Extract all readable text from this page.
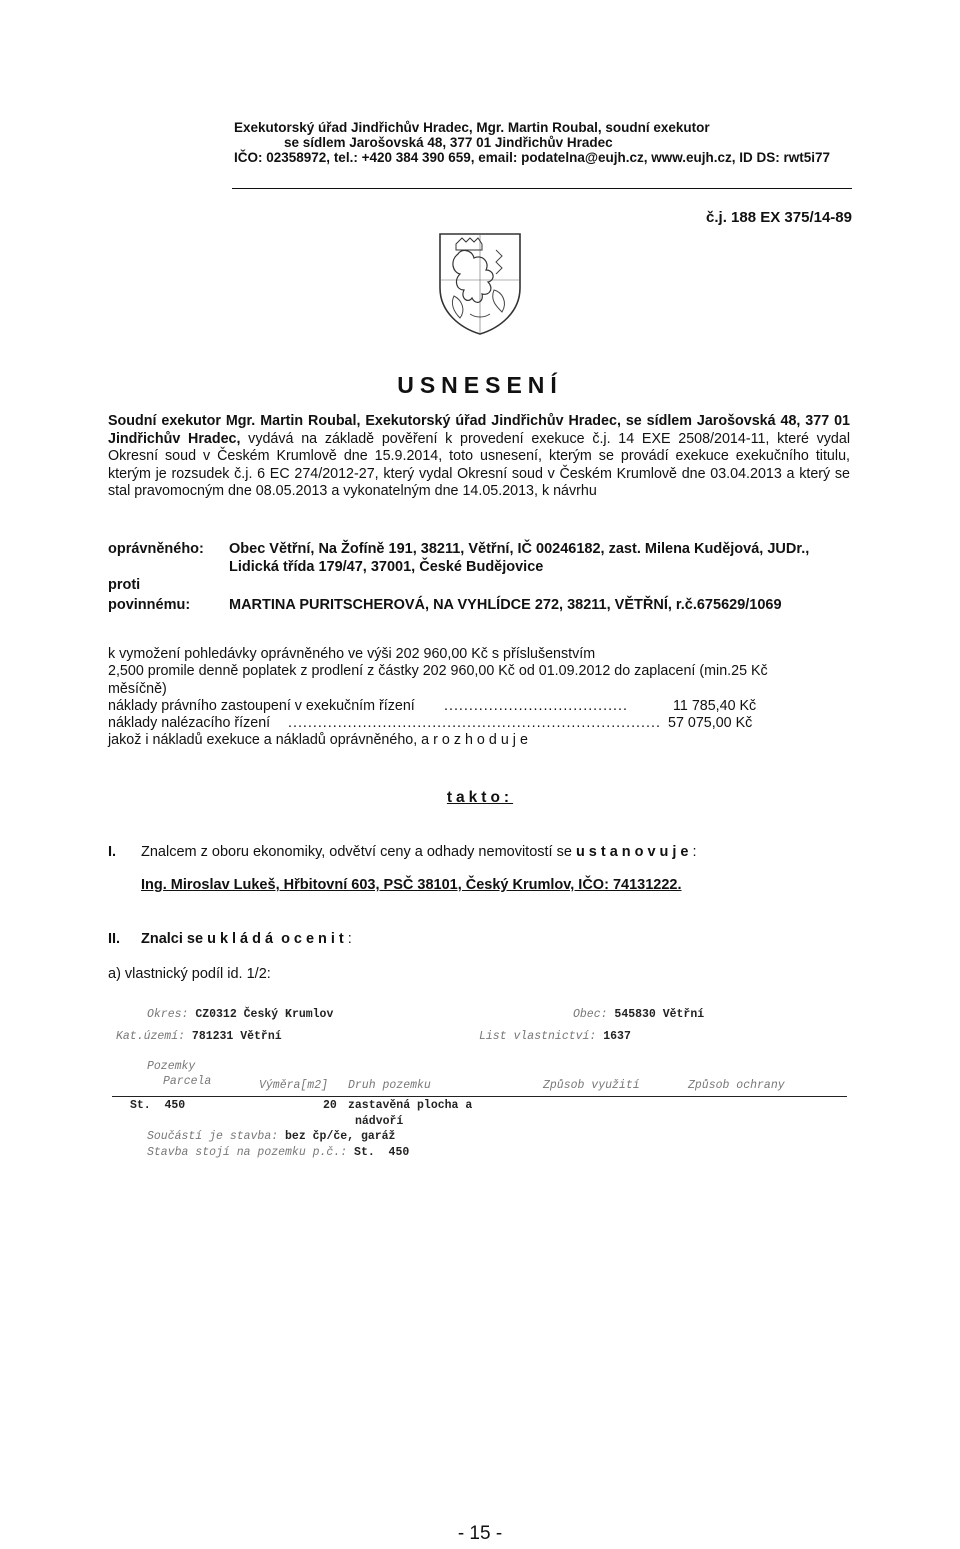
Exekutorský úřad Jindřichův Hradec, Mgr. Martin Roubal, soudní exekutor
se sídlem Jarošovská 48, 377 01 Jindřichův Hradec
IČO: 02358972, tel.: +420 384 390 659, email: podatelna@eujh.cz, www.eujh.cz, ID DS: rwt5i77
č.j. 188 EX 375/14-89
USNESENÍ
Soudní exekutor Mgr. Martin Roubal, Exekutorský úřad Jindřichův Hradec, se sídlem Jarošovská 48, 377 01 Jindřichův Hradec, vydává na základě pověření k provedení exekuce č.j. 14 EXE 2508/2014-11, které vydal Okresní soud v Českém Krumlově dne 15.9.2014, toto usnesení, kterým se provádí exekuce exekučního titulu, kterým je rozsudek č.j. 6 EC 274/2012-27, který vydal Okresní soud v Českém Krumlově dne 03.04.2013 a který se stal pravomocným dne 08.05.2013 a vykonatelným dne 14.05.2013, k návrhu
oprávněného: Obec Větřní, Na Žofíně 191, 38211, Větřní, IČ 00246182, zast. Milena Kudějová, JUDr.,
Lidická třída 179/47, 37001, České Budějovice
proti
povinnému:	MARTINA PURITSCHEROVÁ, NA VYHLÍDCE 272, 38211, VĚTŘNÍ, r.č.675629/1069
k vymožení pohledávky oprávněného ve výši 202 960,00 Kč s příslušenstvím
2,500 promile denně poplatek z prodlení z částky 202 960,00 Kč od 01.09.2012 do zaplacení (min.25 Kč
měsíčně)
náklady právního zastoupení v exekučním řízení .....................................	11 785,40 Kč
náklady nalézacího řízení ........................................................................... 57 075,00 Kč
jakož i nákladů exekuce a nákladů oprávněného, a rozhoduje
takto:
I. Znalcem z oboru ekonomiky, odvětví ceny a odhady nemovitostí se ustanovuje:
Ing. Miroslav Lukeš, Hřbitovní 603, PSČ 38101, Český Krumlov, IČO: 74131222.
II. Znalci se ukládá ocenit:
a) vlastnický podíl id. 1/2:
Okres: CZ0312 Český Krumlov	Obec: 545830 Větřní
Kat.území: 781231 Větřní	List vlastnictví: 1637
Pozemky
Parcela	Výměra[m2] Druh pozemku	Způsob využití	Způsob ochrany
St.  450	20 zastavěná plocha a
nádvoří
Součástí je stavba: bez čp/če, garáž
Stavba stojí na pozemku p.č.: St.  450
- 15 -
